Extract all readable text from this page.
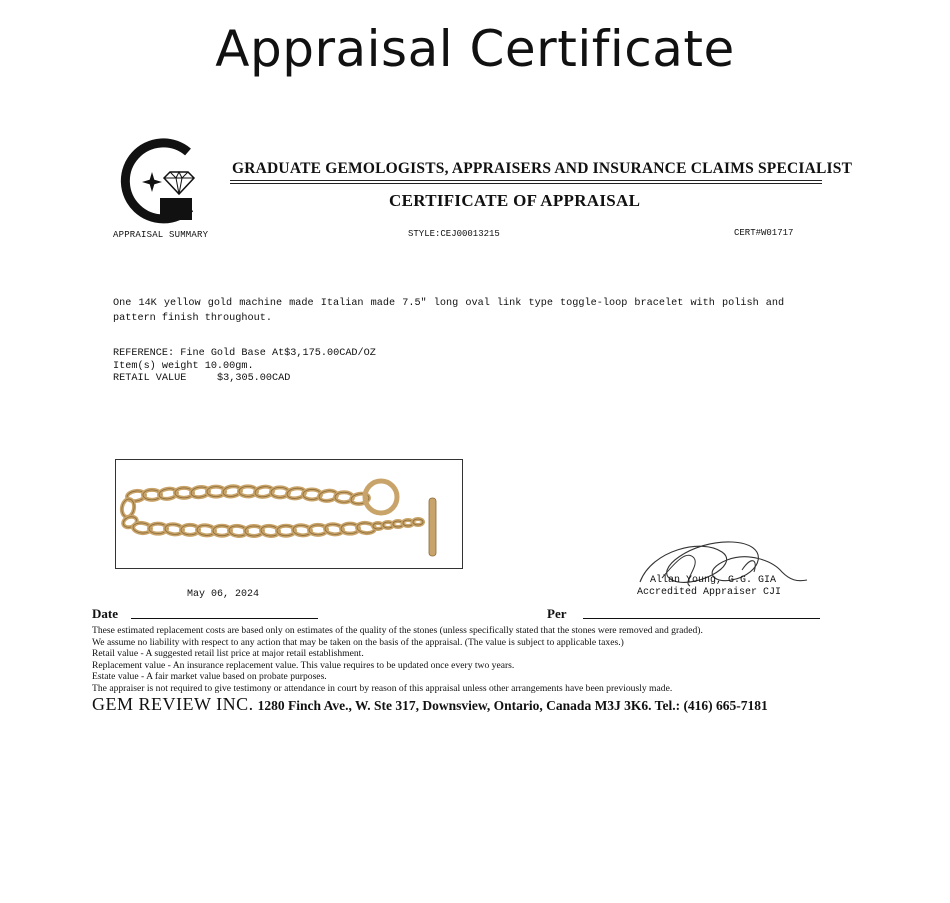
Appraisal Certificate
APPRAISAL SUMMARY
GRADUATE GEMOLOGISTS, APPRAISERS AND INSURANCE CLAIMS SPECIALIST
CERTIFICATE OF APPRAISAL
STYLE:CEJ00013215	CERT#W01717
One 14K yellow gold machine made Italian made 7.5" long oval link type toggle-loop bracelet with polish and
pattern finish throughout.
REFERENCE: Fine Gold Base At$3,175.00CAD/OZ
Item(s) weight 10.00gm.
RETAIL VALUE	$3,305.00CAD
May 06, 2024
Allan Young, G.G. GIA
Accredited Appraiser CJI
Date	Per
These estimated replacement costs are based only on estimates of the quality of the stones (unless specifically stated that the stones were removed and graded).
We assume no liability with respect to any action that may be taken on the basis of the appraisal. (The value is subject to applicable taxes.)
Retail value - A suggested retail list price at major retail establishment.
Replacement value - An insurance replacement value. This value requires to be updated once every two years.
Estate value - A fair market value based on probate purposes.
The appraiser is not required to give testimony or attendance in court by reason of this appraisal unless other arrangements have been previously made.
GEM REVIEW INC. 1280 Finch Ave., W. Ste 317, Downsview, Ontario, Canada M3J 3K6. Tel.: (416) 665-7181
